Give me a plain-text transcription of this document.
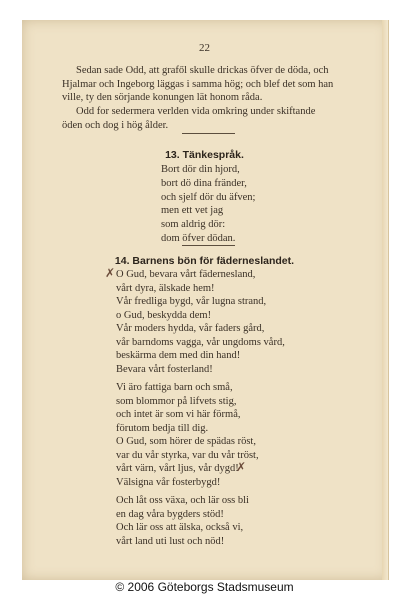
22

Sedan sade Odd, att grafől skulle drickas öfver de döda, och Hjalmar och Ingeborg läggas i samma hög; och blef det som han ville, ty den sörjande konungen lät honom råda.

Odd for sedermera verlden vida omkring under skiftande öden och dog i hög ålder.

13. Tänkespråk.
Bort dör din hjord,
bort dö dina fränder,
och sjelf dör du äfven;
men ett vet jag
som aldrig dör:
dom öfver dödan.
14. Barnens bön för fäderneslandet.
O Gud, bevara vårt fädernesland,
vårt dyra, älskade hem!
Vår fredliga bygd, vår lugna strand,
o Gud, beskydda dem!
Vår moders hydda, vår faders gård,
vår barndoms vagga, vår ungdoms vård,
beskärma dem med din hand!
Bevara vårt fosterland!
Vi äro fattiga barn och små,
som blommor på lifvets stig,
och intet är som vi här förmå,
förutom bedja till dig.
O Gud, som hörer de spädas röst,
var du vår styrka, var du vår tröst,
vårt värn, vårt ljus, vår dygd!
Välsigna vår fosterbygd!
Och låt oss växa, och lär oss bli
en dag våra bygders stöd!
Och lär oss att älska, också vi,
vårt land uti lust och nöd!
✗
✗
© 2006 Göteborgs Stadsmuseum
